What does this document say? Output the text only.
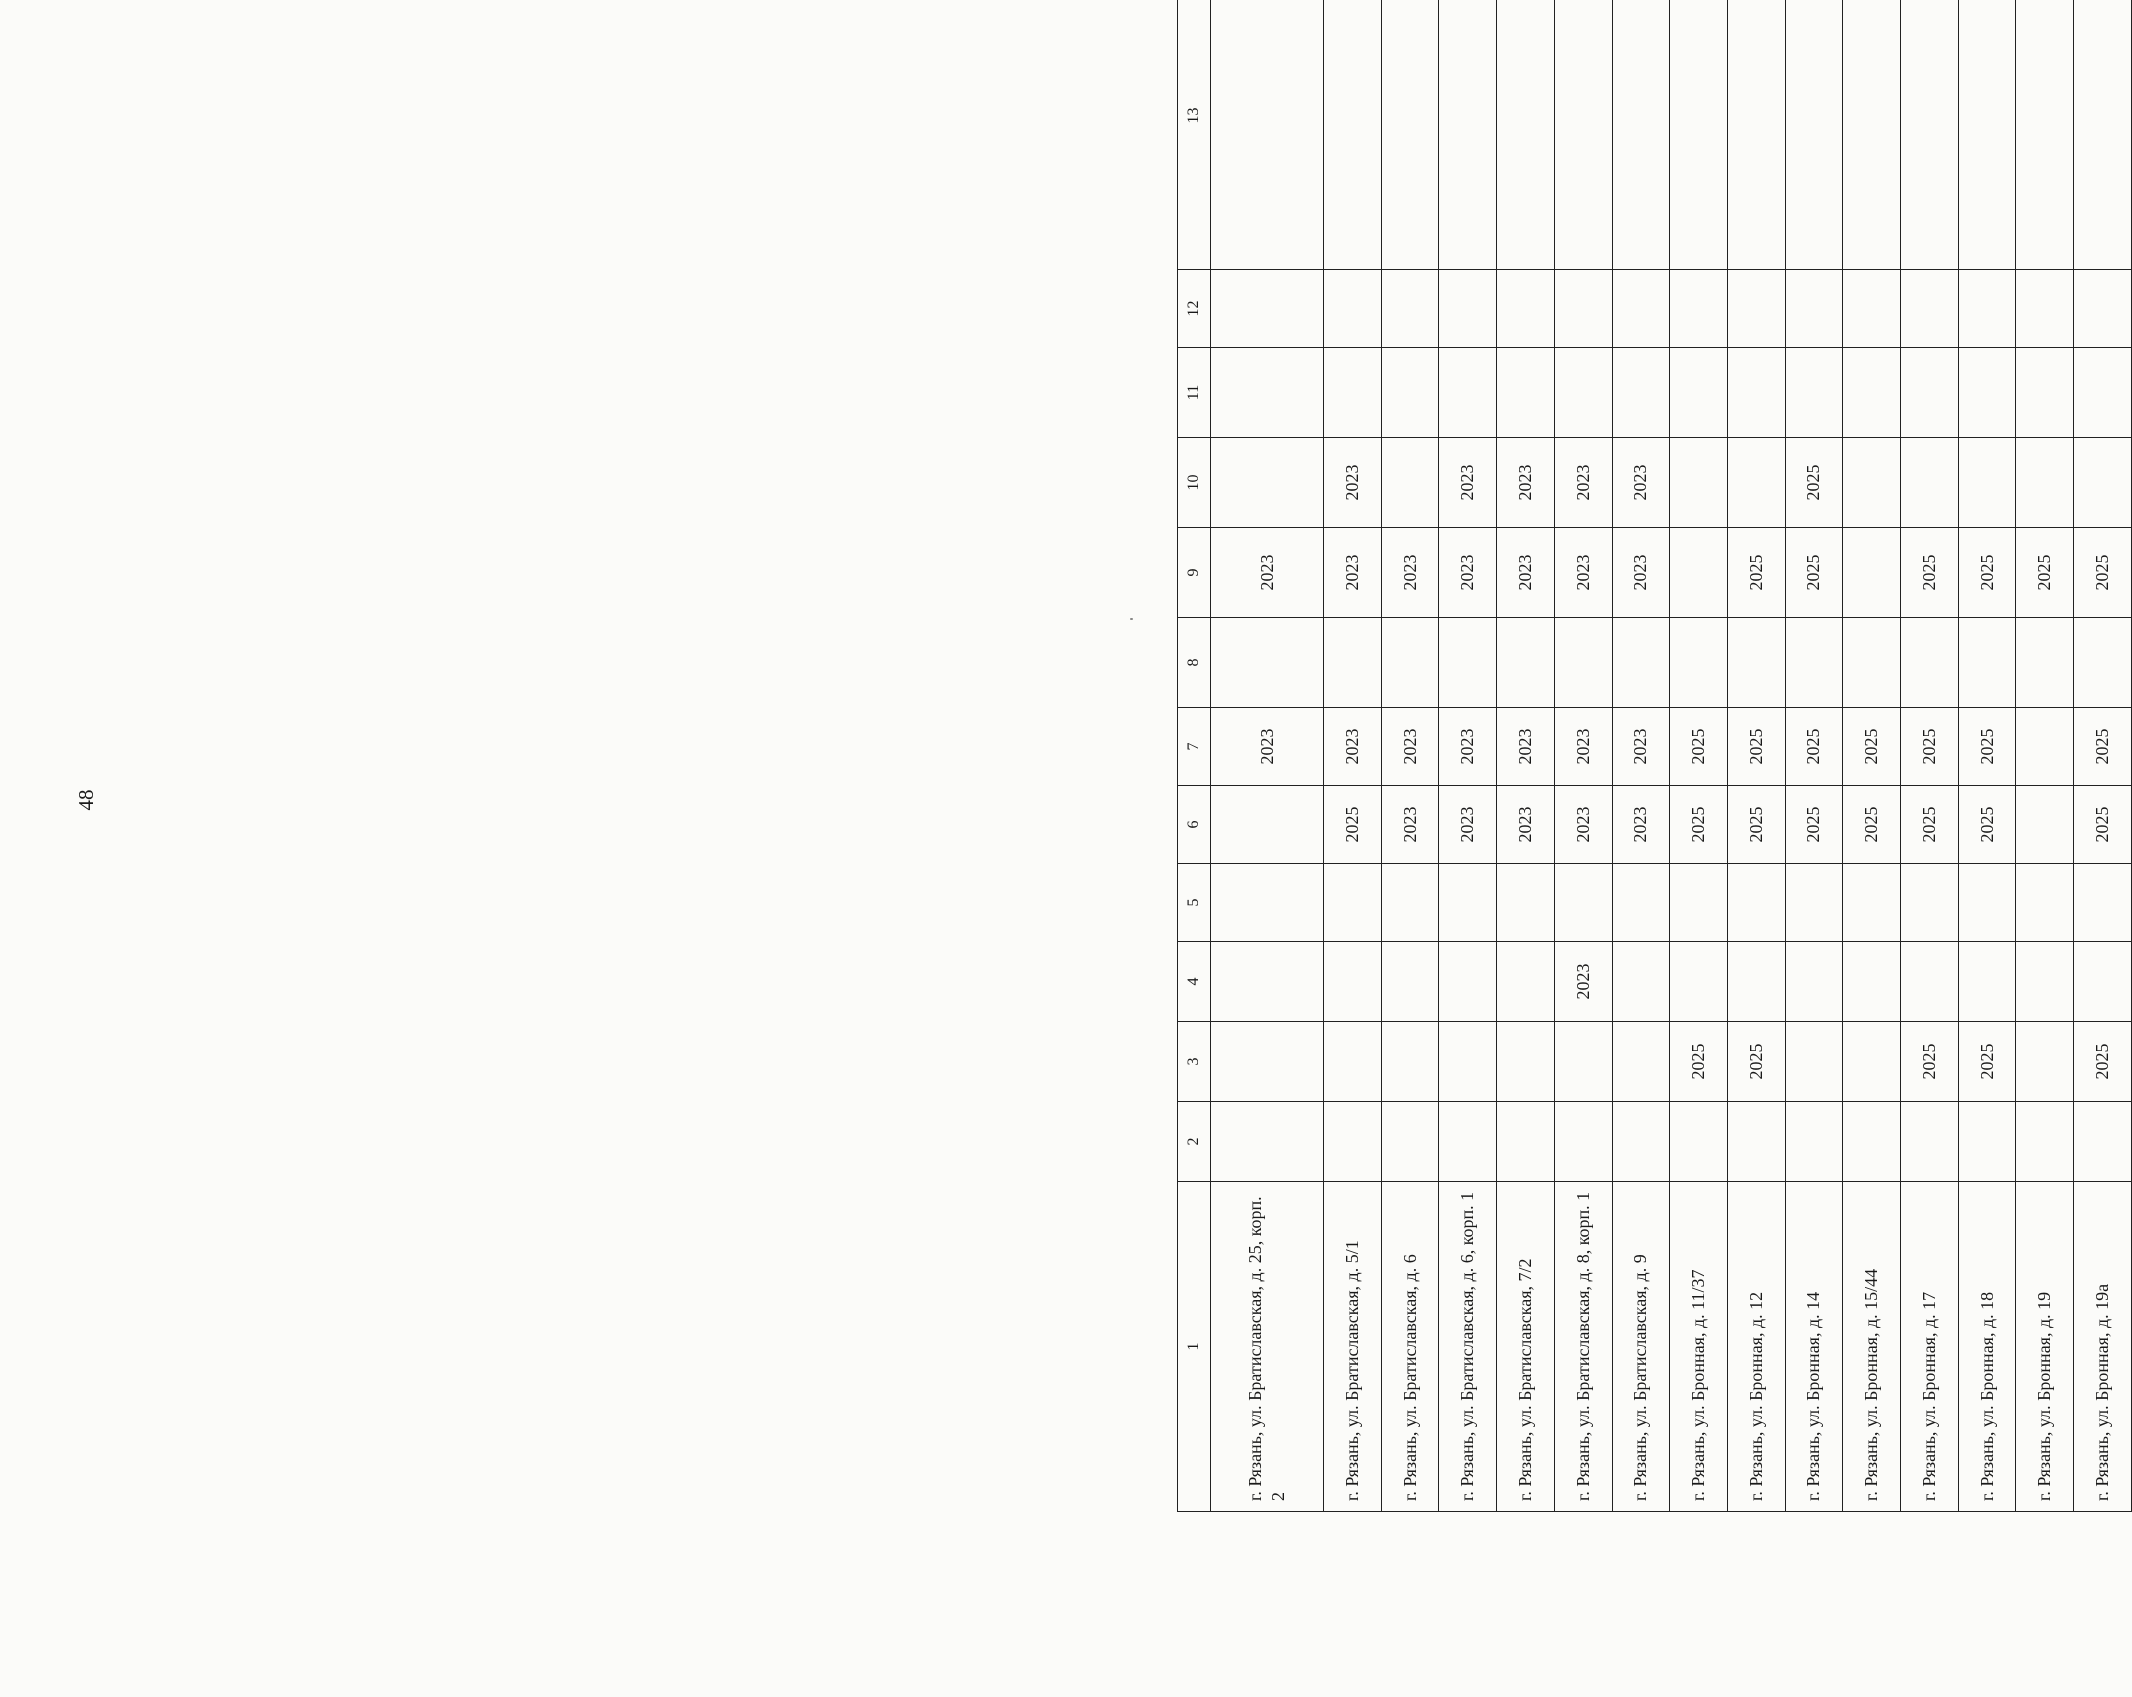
48
1	2	3	4	5	6	7	8	9	10	11	12	13
г. Рязань, ул. Братиславская, д. 25, корп. 2						2023		2023				
г. Рязань, ул. Братиславская, д. 5/1					2025	2023		2023	2023			
г. Рязань, ул. Братиславская, д. 6					2023	2023		2023				
г. Рязань, ул. Братиславская, д. 6, корп. 1					2023	2023		2023	2023			
г. Рязань, ул. Братиславская, 7/2					2023	2023		2023	2023			
г. Рязань, ул. Братиславская, д. 8, корп. 1			2023		2023	2023		2023	2023			
г. Рязань, ул. Братиславская, д. 9					2023	2023		2023	2023			
г. Рязань, ул. Бронная, д. 11/37		2025			2025	2025						
г. Рязань, ул. Бронная, д. 12		2025			2025	2025		2025				
г. Рязань, ул. Бронная, д. 14					2025	2025		2025	2025			
г. Рязань, ул. Бронная, д. 15/44					2025	2025						
г. Рязань, ул. Бронная, д. 17		2025			2025	2025		2025				
г. Рязань, ул. Бронная, д. 18		2025			2025	2025		2025				
г. Рязань, ул. Бронная, д. 19								2025				
г. Рязань, ул. Бронная, д. 19а		2025			2025	2025		2025				
